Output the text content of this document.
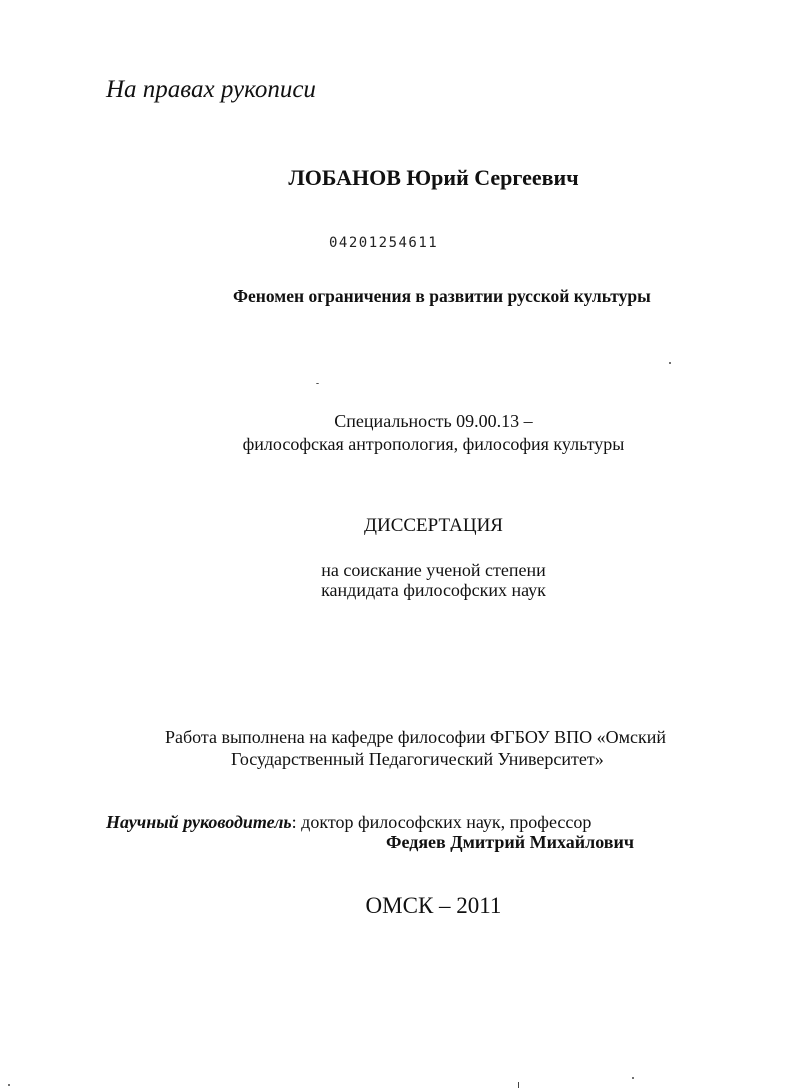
На правах рукописи
ЛОБАНОВ Юрий Сергеевич
04201254611
Феномен ограничения в развитии русской культуры
Специальность 09.00.13 –
философская антропология, философия культуры
ДИССЕРТАЦИЯ
на соискание ученой степени
кандидата философских наук
Работа выполнена на кафедре философии ФГБОУ ВПО «Омский
Государственный Педагогический Университет»
Научный руководитель: доктор философских наук, профессор
Федяев Дмитрий Михайлович
ОМСК – 2011
